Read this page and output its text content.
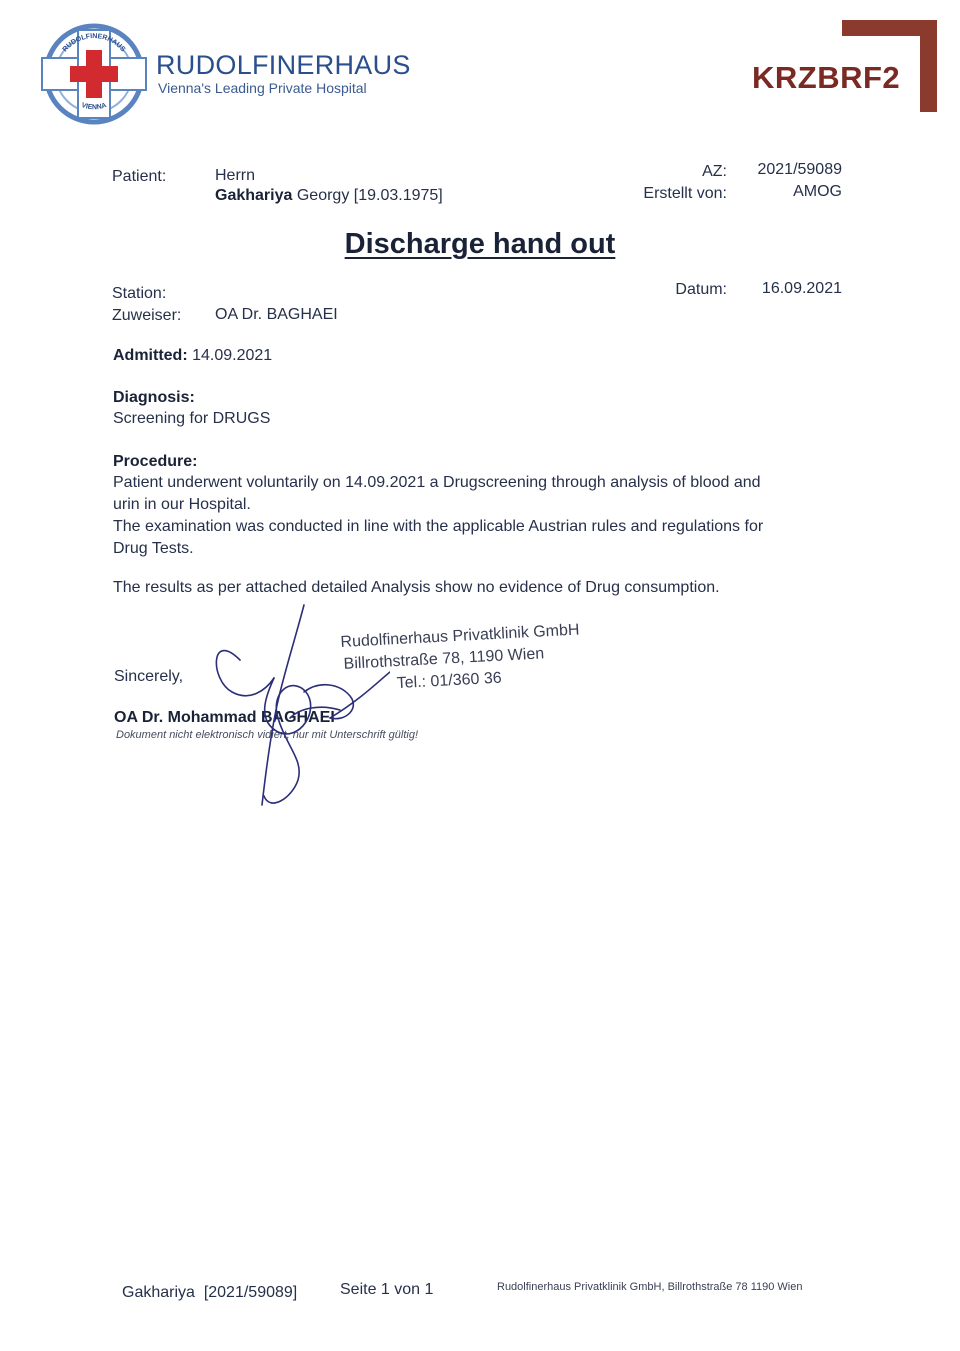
RUDOLFINERHAUS
VIENNA
RUDOLFINERHAUS
Vienna's Leading Private Hospital	KRZBRF2
Patient:	Herrn
Gakhariya Georgy [19.03.1975]
AZ: 2021/59089
Erstellt von:	AMOG
Discharge hand out
Station:
Zuweiser: OA Dr. BAGHAEI
Datum: 16.09.2021
Admitted: 14.09.2021
Diagnosis:
Screening for DRUGS
Procedure:
Patient underwent voluntarily on 14.09.2021 a Drugscreening through analysis of blood and
urin in our Hospital.
The examination was conducted in line with the applicable Austrian rules and regulations for
Drug Tests.
The results as per attached detailed Analysis show no evidence of Drug consumption.
Sincerely,
OA Dr. Mohammad BAGHAEI
Dokument nicht elektronisch vidiert, nur mit Unterschrift gültig!
Rudolfinerhaus Privatklinik GmbH
Billrothstraße 78, 1190 Wien
Tel.: 01/360 36
Gakhariya  [2021/59089]	Seite 1 von 1	Rudolfinerhaus Privatklinik GmbH, Billrothstraße 78 1190 Wien
